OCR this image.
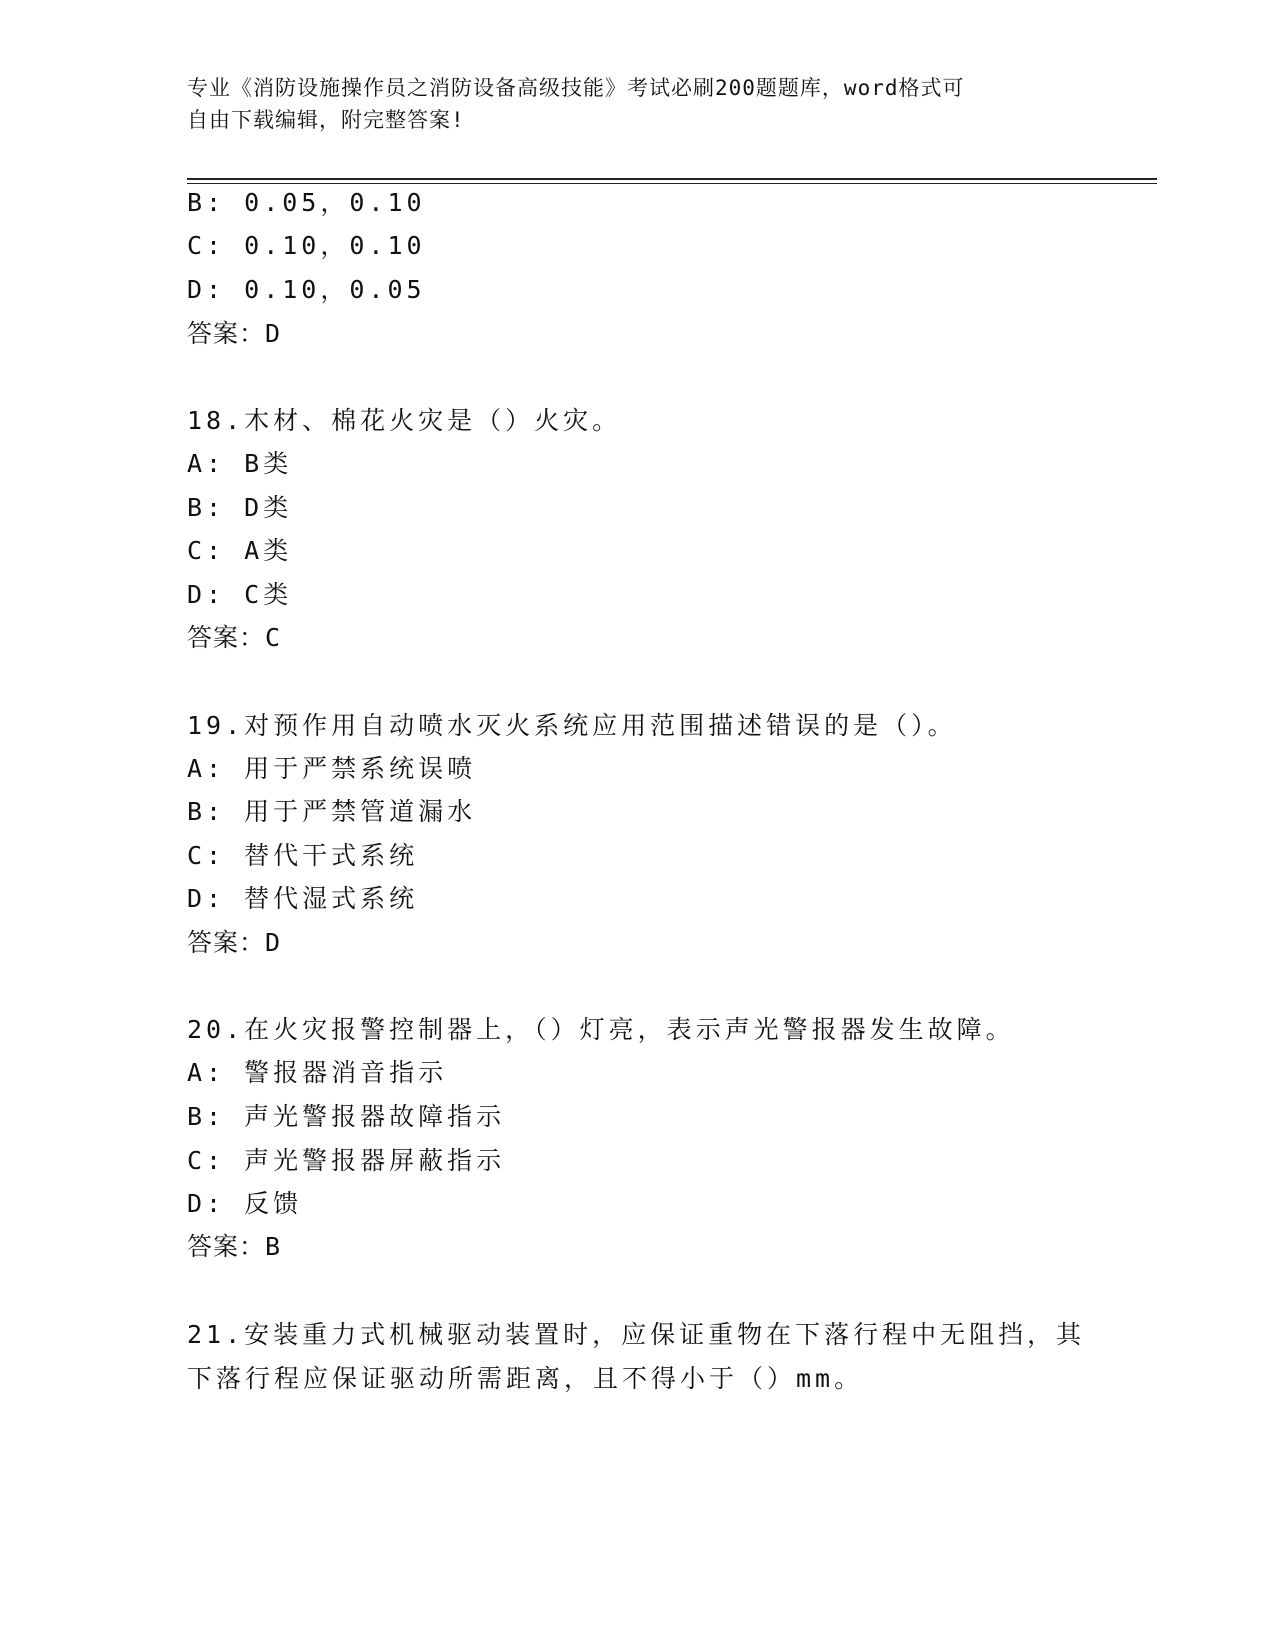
专业《消防设施操作员之消防设备高级技能》考试必刷200题题库，word格式可
自由下载编辑，附完整答案!
B: 0.05，0.10
C: 0.10，0.10
D: 0.10，0.05
答案：D
18.木材、棉花火灾是（）火灾。
A: B类
B: D类
C: A类
D: C类
答案：C
19.对预作用自动喷水灭火系统应用范围描述错误的是（）。
A: 用于严禁系统误喷
B: 用于严禁管道漏水
C: 替代干式系统
D: 替代湿式系统
答案：D
20.在火灾报警控制器上，（）灯亮，表示声光警报器发生故障。
A: 警报器消音指示
B: 声光警报器故障指示
C: 声光警报器屏蔽指示
D: 反馈
答案：B
21.安装重力式机械驱动装置时，应保证重物在下落行程中无阻挡，其
下落行程应保证驱动所需距离，且不得小于（）mm。
